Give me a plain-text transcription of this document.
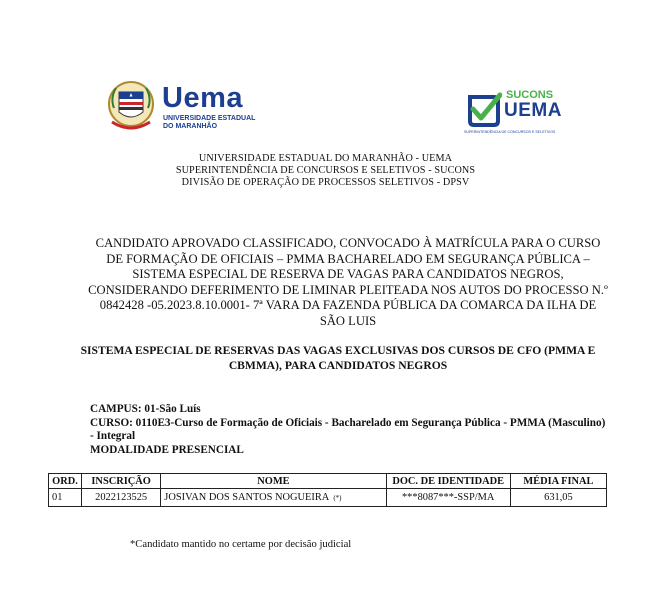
Uema
UNIVERSIDADE ESTADUAL
DO MARANHÃO
SUCONS
UEMA
SUPERINTENDÊNCIA DE CONCURSOS E SELETIVOS
UNIVERSIDADE ESTADUAL DO MARANHÃO - UEMA
SUPERINTENDÊNCIA DE CONCURSOS E SELETIVOS - SUCONS
DIVISÃO DE OPERAÇÃO DE PROCESSOS SELETIVOS - DPSV
CANDIDATO APROVADO CLASSIFICADO, CONVOCADO À MATRÍCULA PARA O CURSO DE FORMAÇÃO DE OFICIAIS – PMMA BACHARELADO EM SEGURANÇA PÚBLICA – SISTEMA ESPECIAL DE RESERVA DE VAGAS PARA CANDIDATOS NEGROS, CONSIDERANDO DEFERIMENTO DE LIMINAR PLEITEADA NOS AUTOS DO PROCESSO N.º 0842428 -05.2023.8.10.0001- 7ª VARA DA FAZENDA PÚBLICA DA COMARCA DA ILHA DE SÃO LUIS
SISTEMA ESPECIAL DE RESERVAS DAS VAGAS EXCLUSIVAS DOS CURSOS DE CFO (PMMA E CBMMA), PARA CANDIDATOS NEGROS
CAMPUS: 01-São Luís
CURSO: 0110E3-Curso de Formação de Oficiais - Bacharelado em Segurança Pública - PMMA (Masculino) - Integral
MODALIDADE PRESENCIAL
ORD.	INSCRIÇÃO	NOME	DOC. DE IDENTIDADE	MÉDIA FINAL
01	2022123525	JOSIVAN DOS SANTOS NOGUEIRA (*)	***8087***-SSP/MA	631,05
*Candidato mantido no certame por decisão judicial
